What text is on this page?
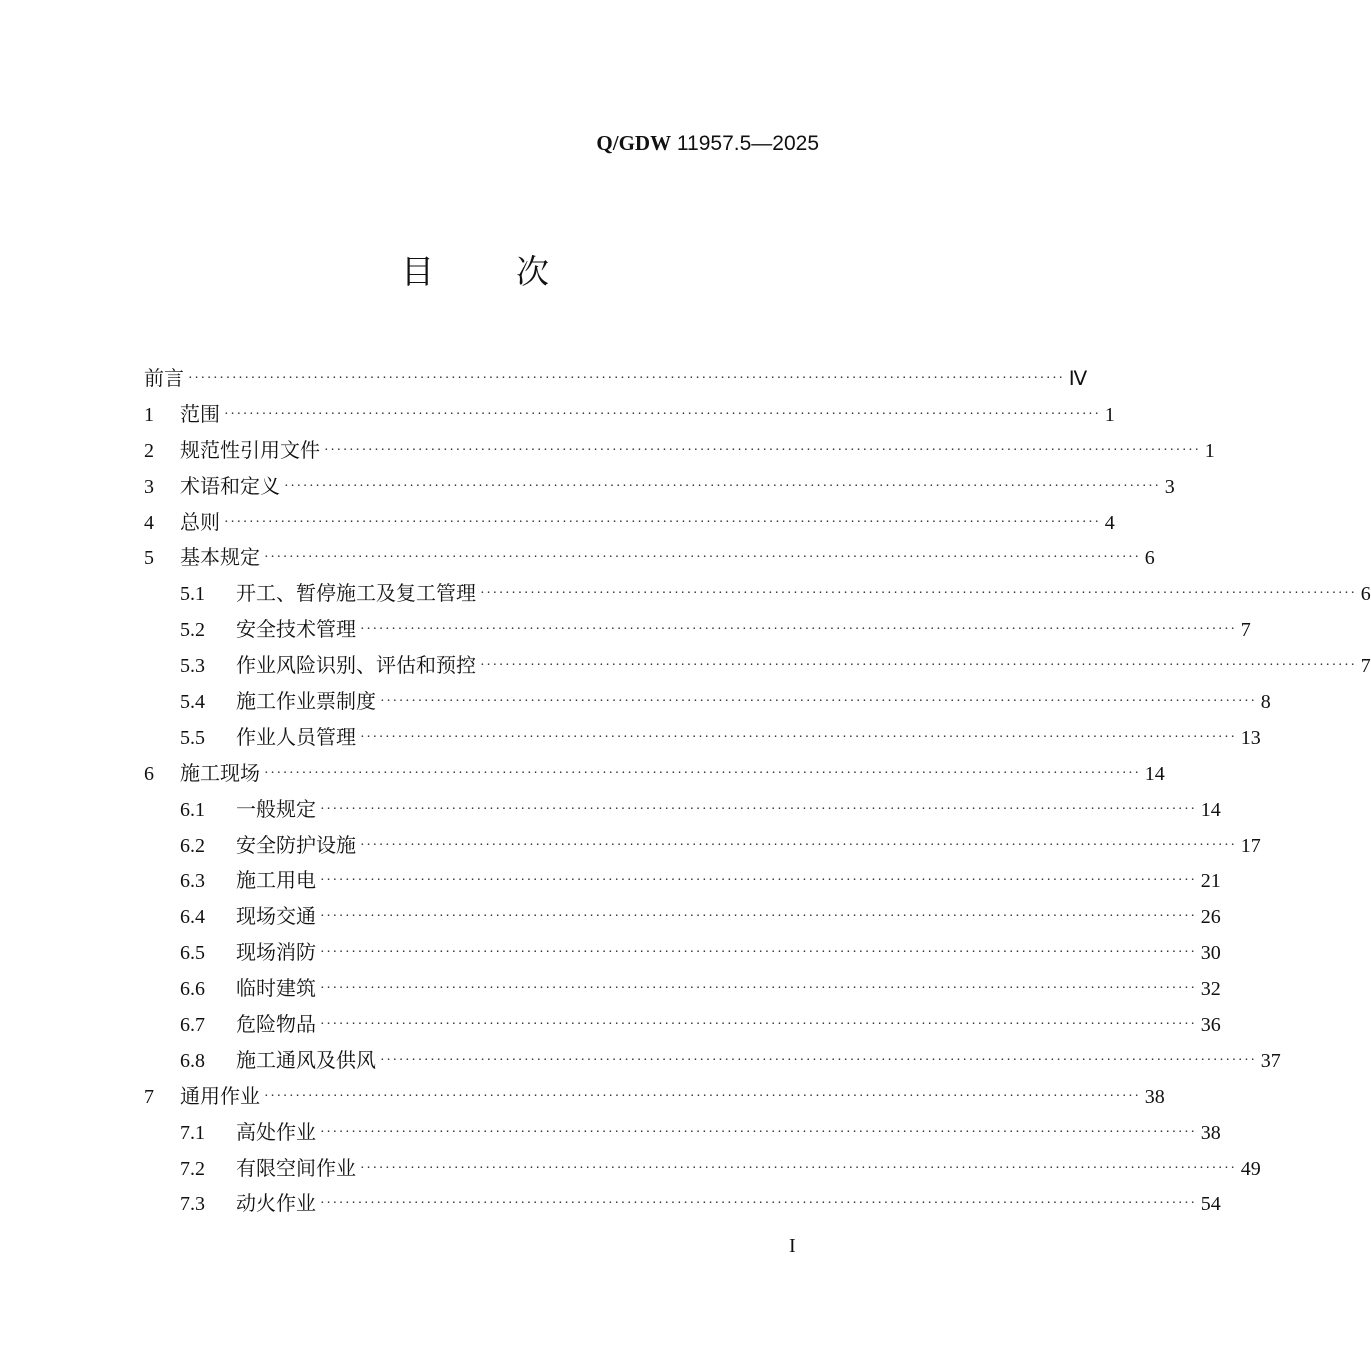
Q/GDW 11957.5—2025
目 次
前言 ············································································································································ Ⅳ
1	范围 ············································································································································ 1
2	规范性引用文件 ············································································································································ 1
3	术语和定义 ············································································································································ 3
4	总则 ············································································································································ 4
5	基本规定 ············································································································································ 6
5.1	开工、暂停施工及复工管理 ············································································································································ 6
5.2	安全技术管理 ············································································································································ 7
5.3	作业风险识别、评估和预控 ············································································································································ 7
5.4	施工作业票制度 ············································································································································ 8
5.5	作业人员管理 ············································································································································ 13
6	施工现场 ············································································································································ 14
6.1	一般规定 ············································································································································ 14
6.2	安全防护设施 ············································································································································ 17
6.3	施工用电 ············································································································································ 21
6.4	现场交通 ············································································································································ 26
6.5	现场消防 ············································································································································ 30
6.6	临时建筑 ············································································································································ 32
6.7	危险物品 ············································································································································ 36
6.8	施工通风及供风 ············································································································································ 37
7	通用作业 ············································································································································ 38
7.1	高处作业 ············································································································································ 38
7.2	有限空间作业 ············································································································································ 49
7.3	动火作业 ············································································································································ 54
I
